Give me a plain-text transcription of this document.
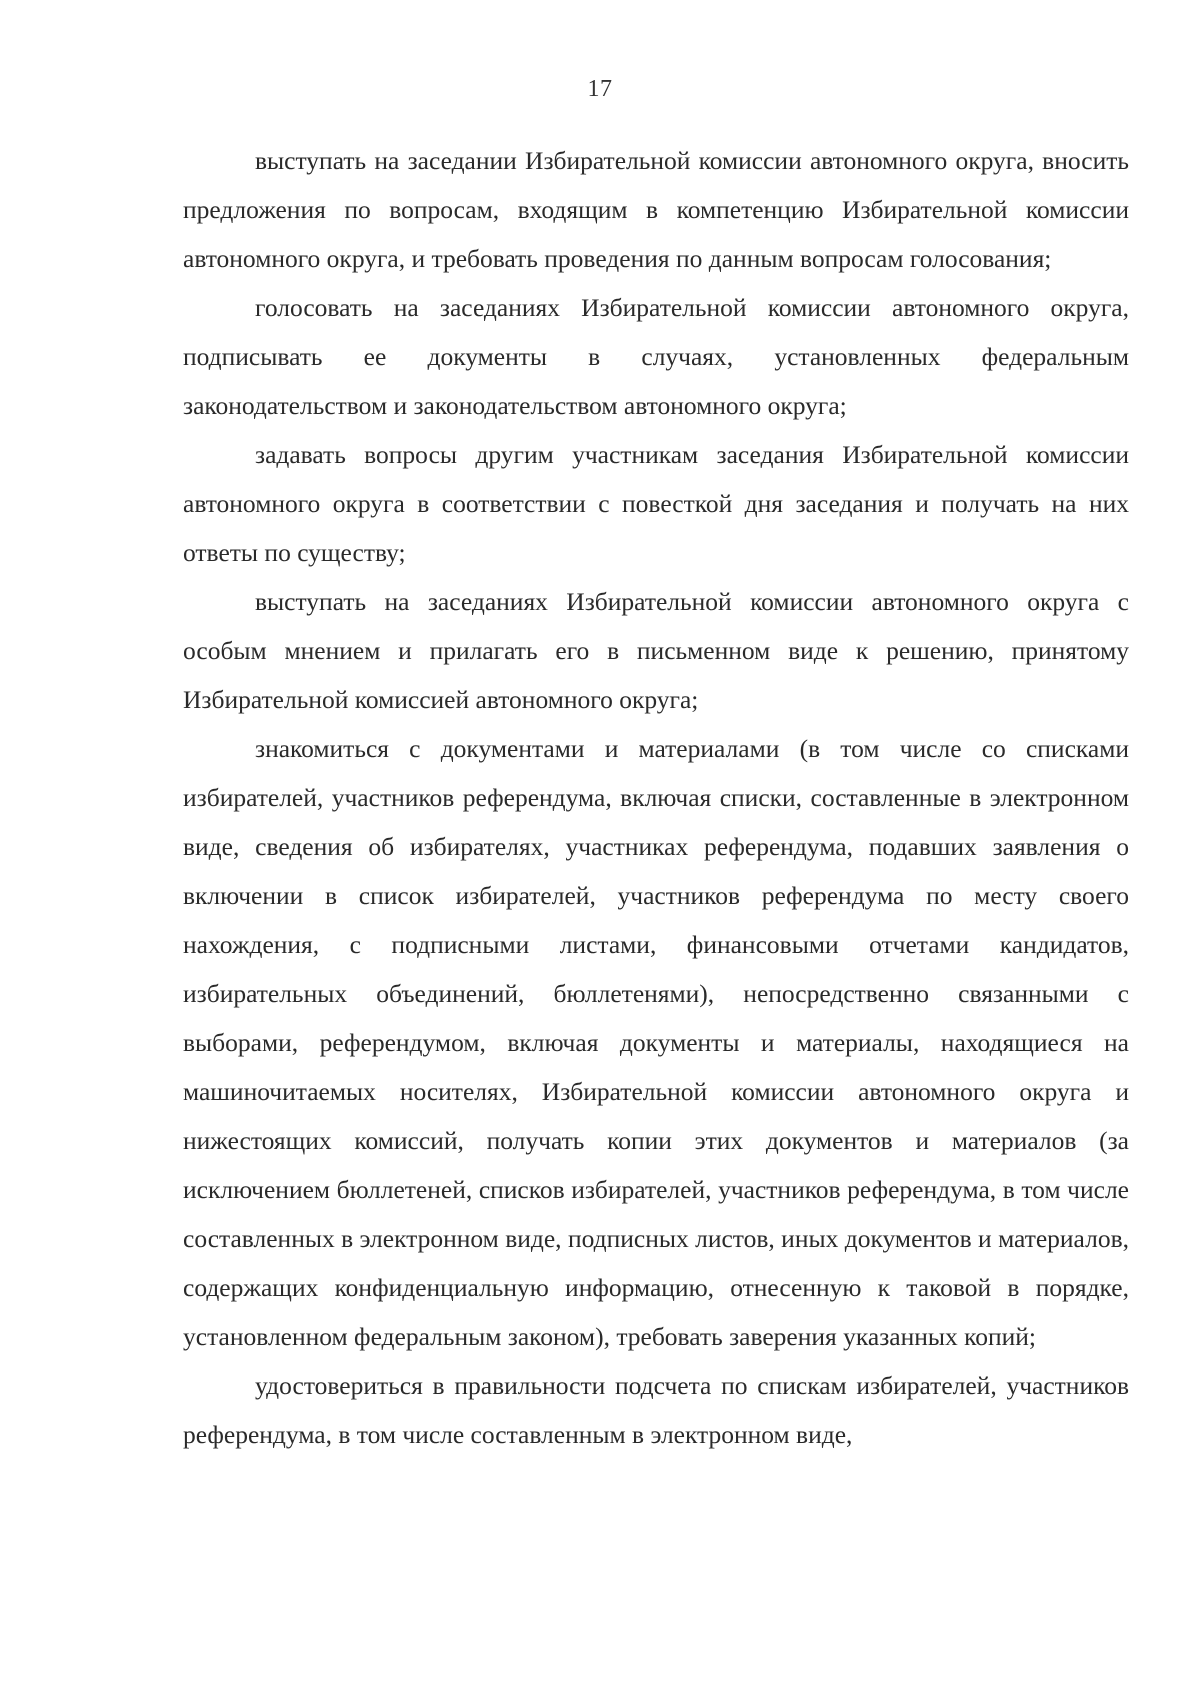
17

выступать на заседании Избирательной комиссии автономного округа, вносить предложения по вопросам, входящим в компетенцию Избирательной комиссии автономного округа, и требовать проведения по данным вопросам голосования;

голосовать на заседаниях Избирательной комиссии автономного округа, подписывать ее документы в случаях, установленных федеральным законодательством и законодательством автономного округа;

задавать вопросы другим участникам заседания Избирательной комиссии автономного округа в соответствии с повесткой дня заседания и получать на них ответы по существу;

выступать на заседаниях Избирательной комиссии автономного округа с особым мнением и прилагать его в письменном виде к решению, принятому Избирательной комиссией автономного округа;

знакомиться с документами и материалами (в том числе со списками избирателей, участников референдума, включая списки, составленные в электронном виде, сведения об избирателях, участниках референдума, подавших заявления о включении в список избирателей, участников референдума по месту своего нахождения, с подписными листами, финансовыми отчетами кандидатов, избирательных объединений, бюллетенями), непосредственно связанными с выборами, референдумом, включая документы и материалы, находящиеся на машиночитаемых носителях, Избирательной комиссии автономного округа и нижестоящих комиссий, получать копии этих документов и материалов (за исключением бюллетеней, списков избирателей, участников референдума, в том числе составленных в электронном виде, подписных листов, иных документов и материалов, содержащих конфиденциальную информацию, отнесенную к таковой в порядке, установленном федеральным законом), требовать заверения указанных копий;

удостовериться в правильности подсчета по спискам избирателей, участников референдума, в том числе составленным в электронном виде,
